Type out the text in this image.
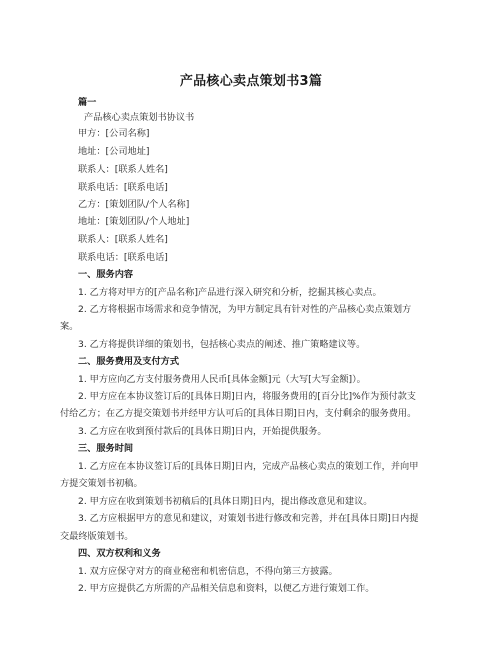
产品核心卖点策划书3篇
篇一
产品核心卖点策划书协议书
甲方：[公司名称]
地址：[公司地址]
联系人：[联系人姓名]
联系电话：[联系电话]
乙方：[策划团队/个人名称]
地址：[策划团队/个人地址]
联系人：[联系人姓名]
联系电话：[联系电话]
一、服务内容
1. 乙方将对甲方的[产品名称]产品进行深入研究和分析，挖掘其核心卖点。
2. 乙方将根据市场需求和竞争情况，为甲方制定具有针对性的产品核心卖点策划方
案。
3. 乙方将提供详细的策划书，包括核心卖点的阐述、推广策略建议等。
二、服务费用及支付方式
1. 甲方应向乙方支付服务费用人民币[具体金额]元（大写[大写金额]）。
2. 甲方应在本协议签订后的[具体日期]日内，将服务费用的[百分比]%作为预付款支
付给乙方；在乙方提交策划书并经甲方认可后的[具体日期]日内，支付剩余的服务费用。
3. 乙方应在收到预付款后的[具体日期]日内，开始提供服务。
三、服务时间
1. 乙方应在本协议签订后的[具体日期]日内，完成产品核心卖点的策划工作，并向甲
方提交策划书初稿。
2. 甲方应在收到策划书初稿后的[具体日期]日内，提出修改意见和建议。
3. 乙方应根据甲方的意见和建议，对策划书进行修改和完善，并在[具体日期]日内提
交最终版策划书。
四、双方权利和义务
1. 双方应保守对方的商业秘密和机密信息，不得向第三方披露。
2. 甲方应提供乙方所需的产品相关信息和资料，以便乙方进行策划工作。
